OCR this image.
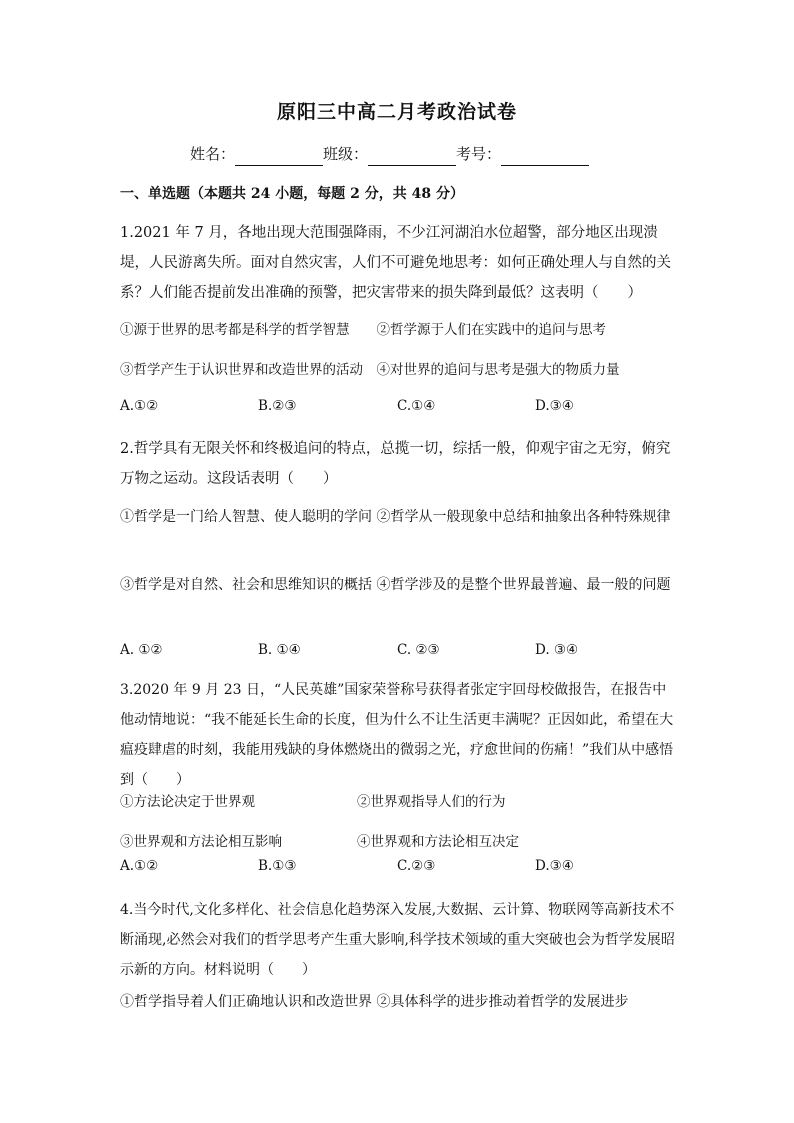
原阳三中高二月考政治试卷
姓名：	班级：	考号：
一、单选题（本题共 24 小题，每题 2 分，共 48 分）
1.2021 年 7 月，各地出现大范围强降雨，不少江河湖泊水位超警，部分地区出现溃堤，人民游离失所。面对自然灾害，人们不可避免地思考：如何正确处理人与自然的关系？人们能否提前发出准确的预警，把灾害带来的损失降到最低？这表明（　　）
①源于世界的思考都是科学的哲学智慧　　②哲学源于人们在实践中的追问与思考
③哲学产生于认识世界和改造世界的活动　④对世界的追问与思考是强大的物质力量
A.①②	B.②③	C.①④	D.③④
2.哲学具有无限关怀和终极追问的特点，总揽一切，综括一般，仰观宇宙之无穷，俯究万物之运动。这段话表明（　　）
①哲学是一门给人智慧、使人聪明的学问 ②哲学从一般现象中总结和抽象出各种特殊规律
③哲学是对自然、社会和思维知识的概括 ④哲学涉及的是整个世界最普遍、最一般的问题
A. ①②	B. ①④	C. ②③	D. ③④
3.2020 年 9 月 23 日，“人民英雄”国家荣誉称号获得者张定宇回母校做报告，在报告中他动情地说：“我不能延长生命的长度，但为什么不让生活更丰满呢？正因如此，希望在大瘟疫肆虐的时刻，我能用残缺的身体燃烧出的微弱之光，疗愈世间的伤痛！”我们从中感悟到（　　）
①方法论决定于世界观	②世界观指导人们的行为
③世界观和方法论相互影响	④世界观和方法论相互决定
A.①②	B.①③	C.②③	D.③④
4.当今时代,文化多样化、社会信息化趋势深入发展,大数据、云计算、物联网等高新技术不断涌现,必然会对我们的哲学思考产生重大影响,科学技术领域的重大突破也会为哲学发展昭示新的方向。材料说明（　　）
①哲学指导着人们正确地认识和改造世界 ②具体科学的进步推动着哲学的发展进步
